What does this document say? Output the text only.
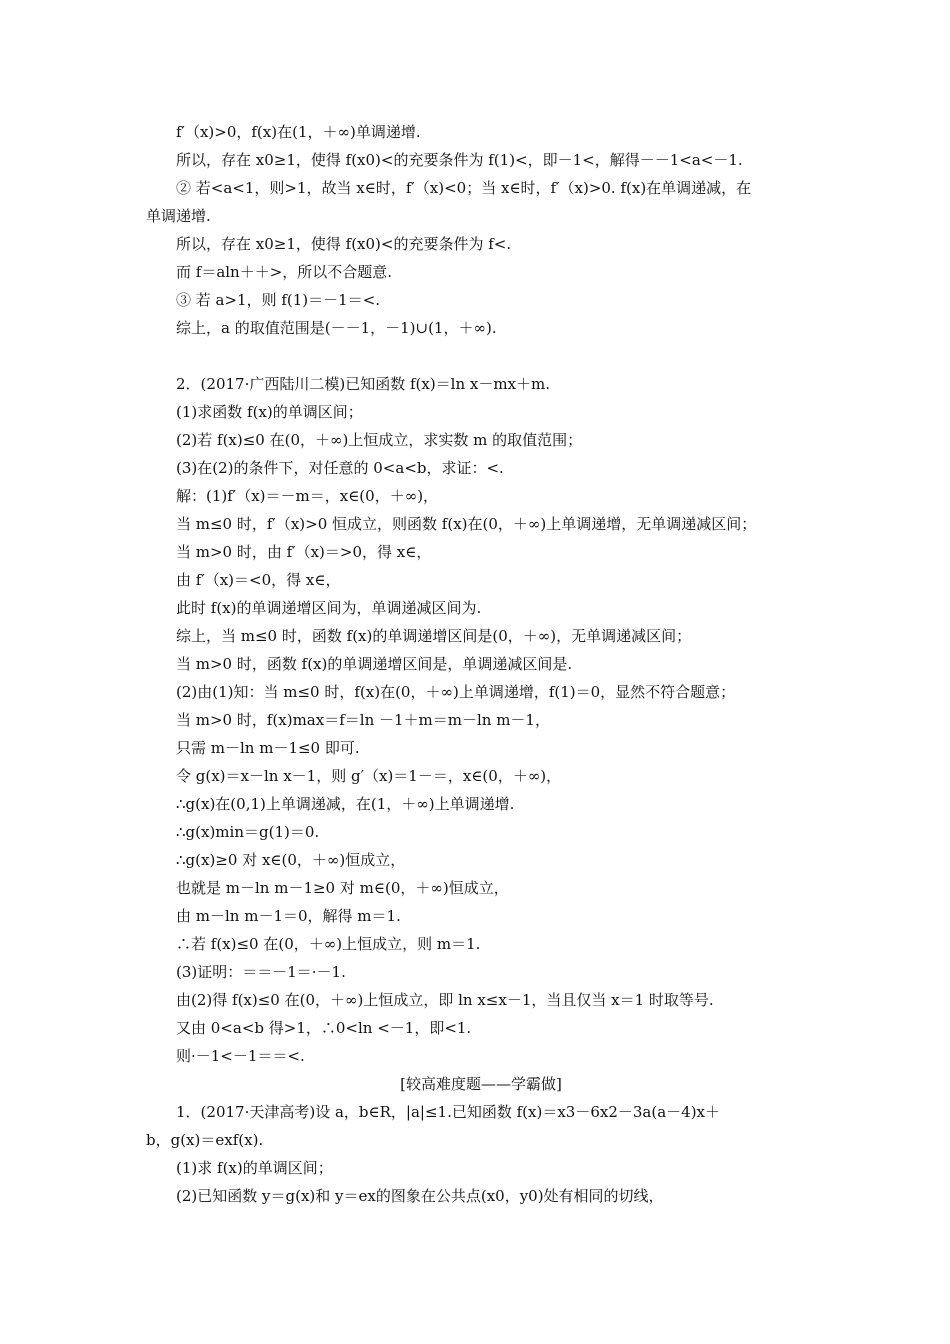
f′（x)>0，f(x)在(1，＋∞)单调递增.
所以，存在 x0≥1，使得 f(x0)<的充要条件为 f(1)<，即－1<，解得－－1<a<－1.
② 若<a<1，则>1，故当 x∈时，f′（x)<0；当 x∈时，f′（x)>0. f(x)在单调递减，在
单调递增.
所以，存在 x0≥1，使得 f(x0)<的充要条件为 f<.
而 f＝aln＋＋>，所以不合题意.
③ 若 a>1，则 f(1)＝－1＝<.
综上，a 的取值范围是(－－1，－1)∪(1，＋∞).
2．(2017·广西陆川二模)已知函数 f(x)＝ln x－mx＋m.
(1)求函数 f(x)的单调区间；
(2)若 f(x)≤0 在(0，＋∞)上恒成立，求实数 m 的取值范围；
(3)在(2)的条件下，对任意的 0<a<b，求证：<.
解：(1)f′（x)＝－m＝，x∈(0，＋∞)，
当 m≤0 时，f′（x)>0 恒成立，则函数 f(x)在(0，＋∞)上单调递增，无单调递减区间；
当 m>0 时，由 f′（x)＝>0，得 x∈，
由 f′（x)＝<0，得 x∈，
此时 f(x)的单调递增区间为，单调递减区间为.
综上，当 m≤0 时，函数 f(x)的单调递增区间是(0，＋∞)，无单调递减区间；
当 m>0 时，函数 f(x)的单调递增区间是，单调递减区间是.
(2)由(1)知：当 m≤0 时，f(x)在(0，＋∞)上单调递增，f(1)＝0，显然不符合题意；
当 m>0 时，f(x)max＝f＝ln －1＋m＝m－ln m－1，
只需 m－ln m－1≤0 即可.
令 g(x)＝x－ln x－1，则 g′（x)＝1－＝，x∈(0，＋∞)，
∴g(x)在(0,1)上单调递减，在(1，＋∞)上单调递增.
∴g(x)min＝g(1)＝0.
∴g(x)≥0 对 x∈(0，＋∞)恒成立，
也就是 m－ln m－1≥0 对 m∈(0，＋∞)恒成立，
由 m－ln m－1＝0，解得 m＝1.
∴若 f(x)≤0 在(0，＋∞)上恒成立，则 m＝1.
(3)证明：＝＝－1＝·－1.
由(2)得 f(x)≤0 在(0，＋∞)上恒成立，即 ln x≤x－1，当且仅当 x＝1 时取等号.
又由 0<a<b 得>1，∴0<ln <－1，即<1.
则·－1<－1＝＝<.
[较高难度题——学霸做]
1．(2017·天津高考)设 a，b∈R，|a|≤1.已知函数 f(x)＝x3－6x2－3a(a－4)x＋
b，g(x)＝exf(x).
(1)求 f(x)的单调区间；
(2)已知函数 y＝g(x)和 y＝ex的图象在公共点(x0，y0)处有相同的切线，
